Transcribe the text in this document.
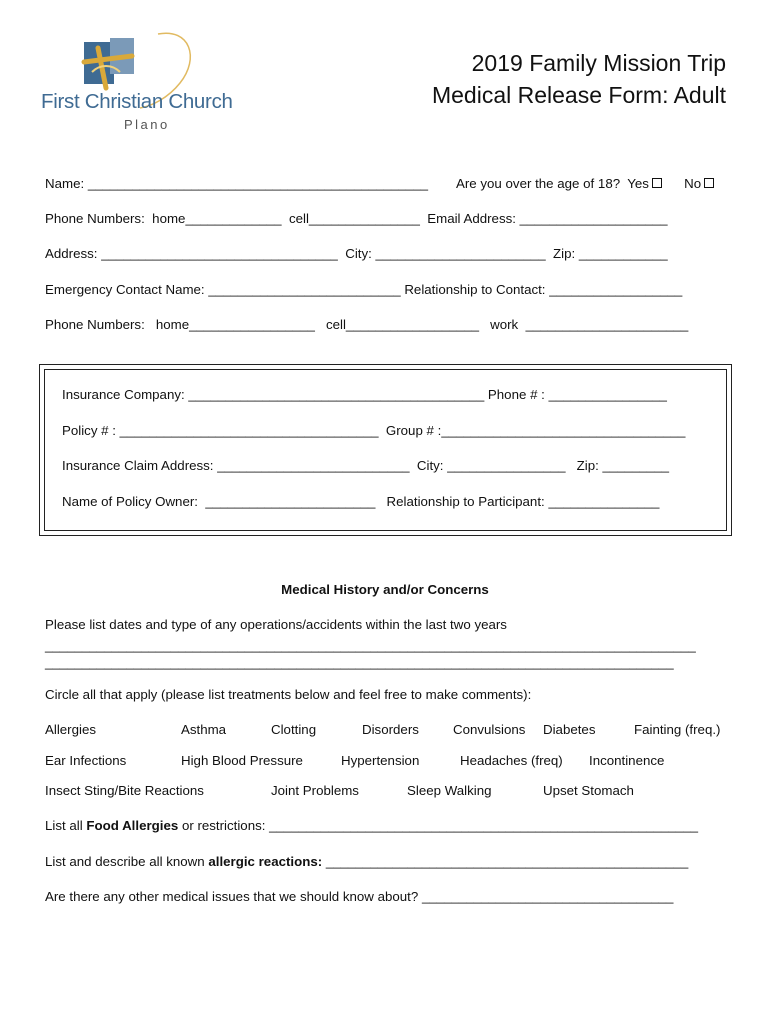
First Christian Church
Plano
2019 Family Mission Trip
Medical Release Form: Adult
Name: ______________________________________________ Are you over the age of 18? Yes	No
Phone Numbers: home_____________ cell_______________ Email Address: ____________________
Address: ________________________________ City: _______________________ Zip: ____________
Emergency Contact Name: __________________________ Relationship to Contact: __________________
Phone Numbers: home_________________ cell__________________ work ______________________
Insurance Company: ________________________________________ Phone # : ________________
Policy # : ___________________________________ Group # :_________________________________
Insurance Claim Address: __________________________ City: ________________ Zip: _________
Name of Policy Owner: _______________________ Relationship to Participant: _______________
Medical History and/or Concerns
Please list dates and type of any operations/accidents within the last two years
________________________________________________________________________________________
_____________________________________________________________________________________
Circle all that apply (please list treatments below and feel free to make comments):
Allergies	Asthma	Clotting	Disorders	Convulsions Diabetes	Fainting (freq.)
Ear Infections	High Blood Pressure	Hypertension	Headaches (freq) Incontinence
Insect Sting/Bite Reactions	Joint Problems	Sleep Walking	Upset Stomach
List all Food Allergies or restrictions: __________________________________________________________
List and describe all known allergic reactions: _________________________________________________
Are there any other medical issues that we should know about? __________________________________
